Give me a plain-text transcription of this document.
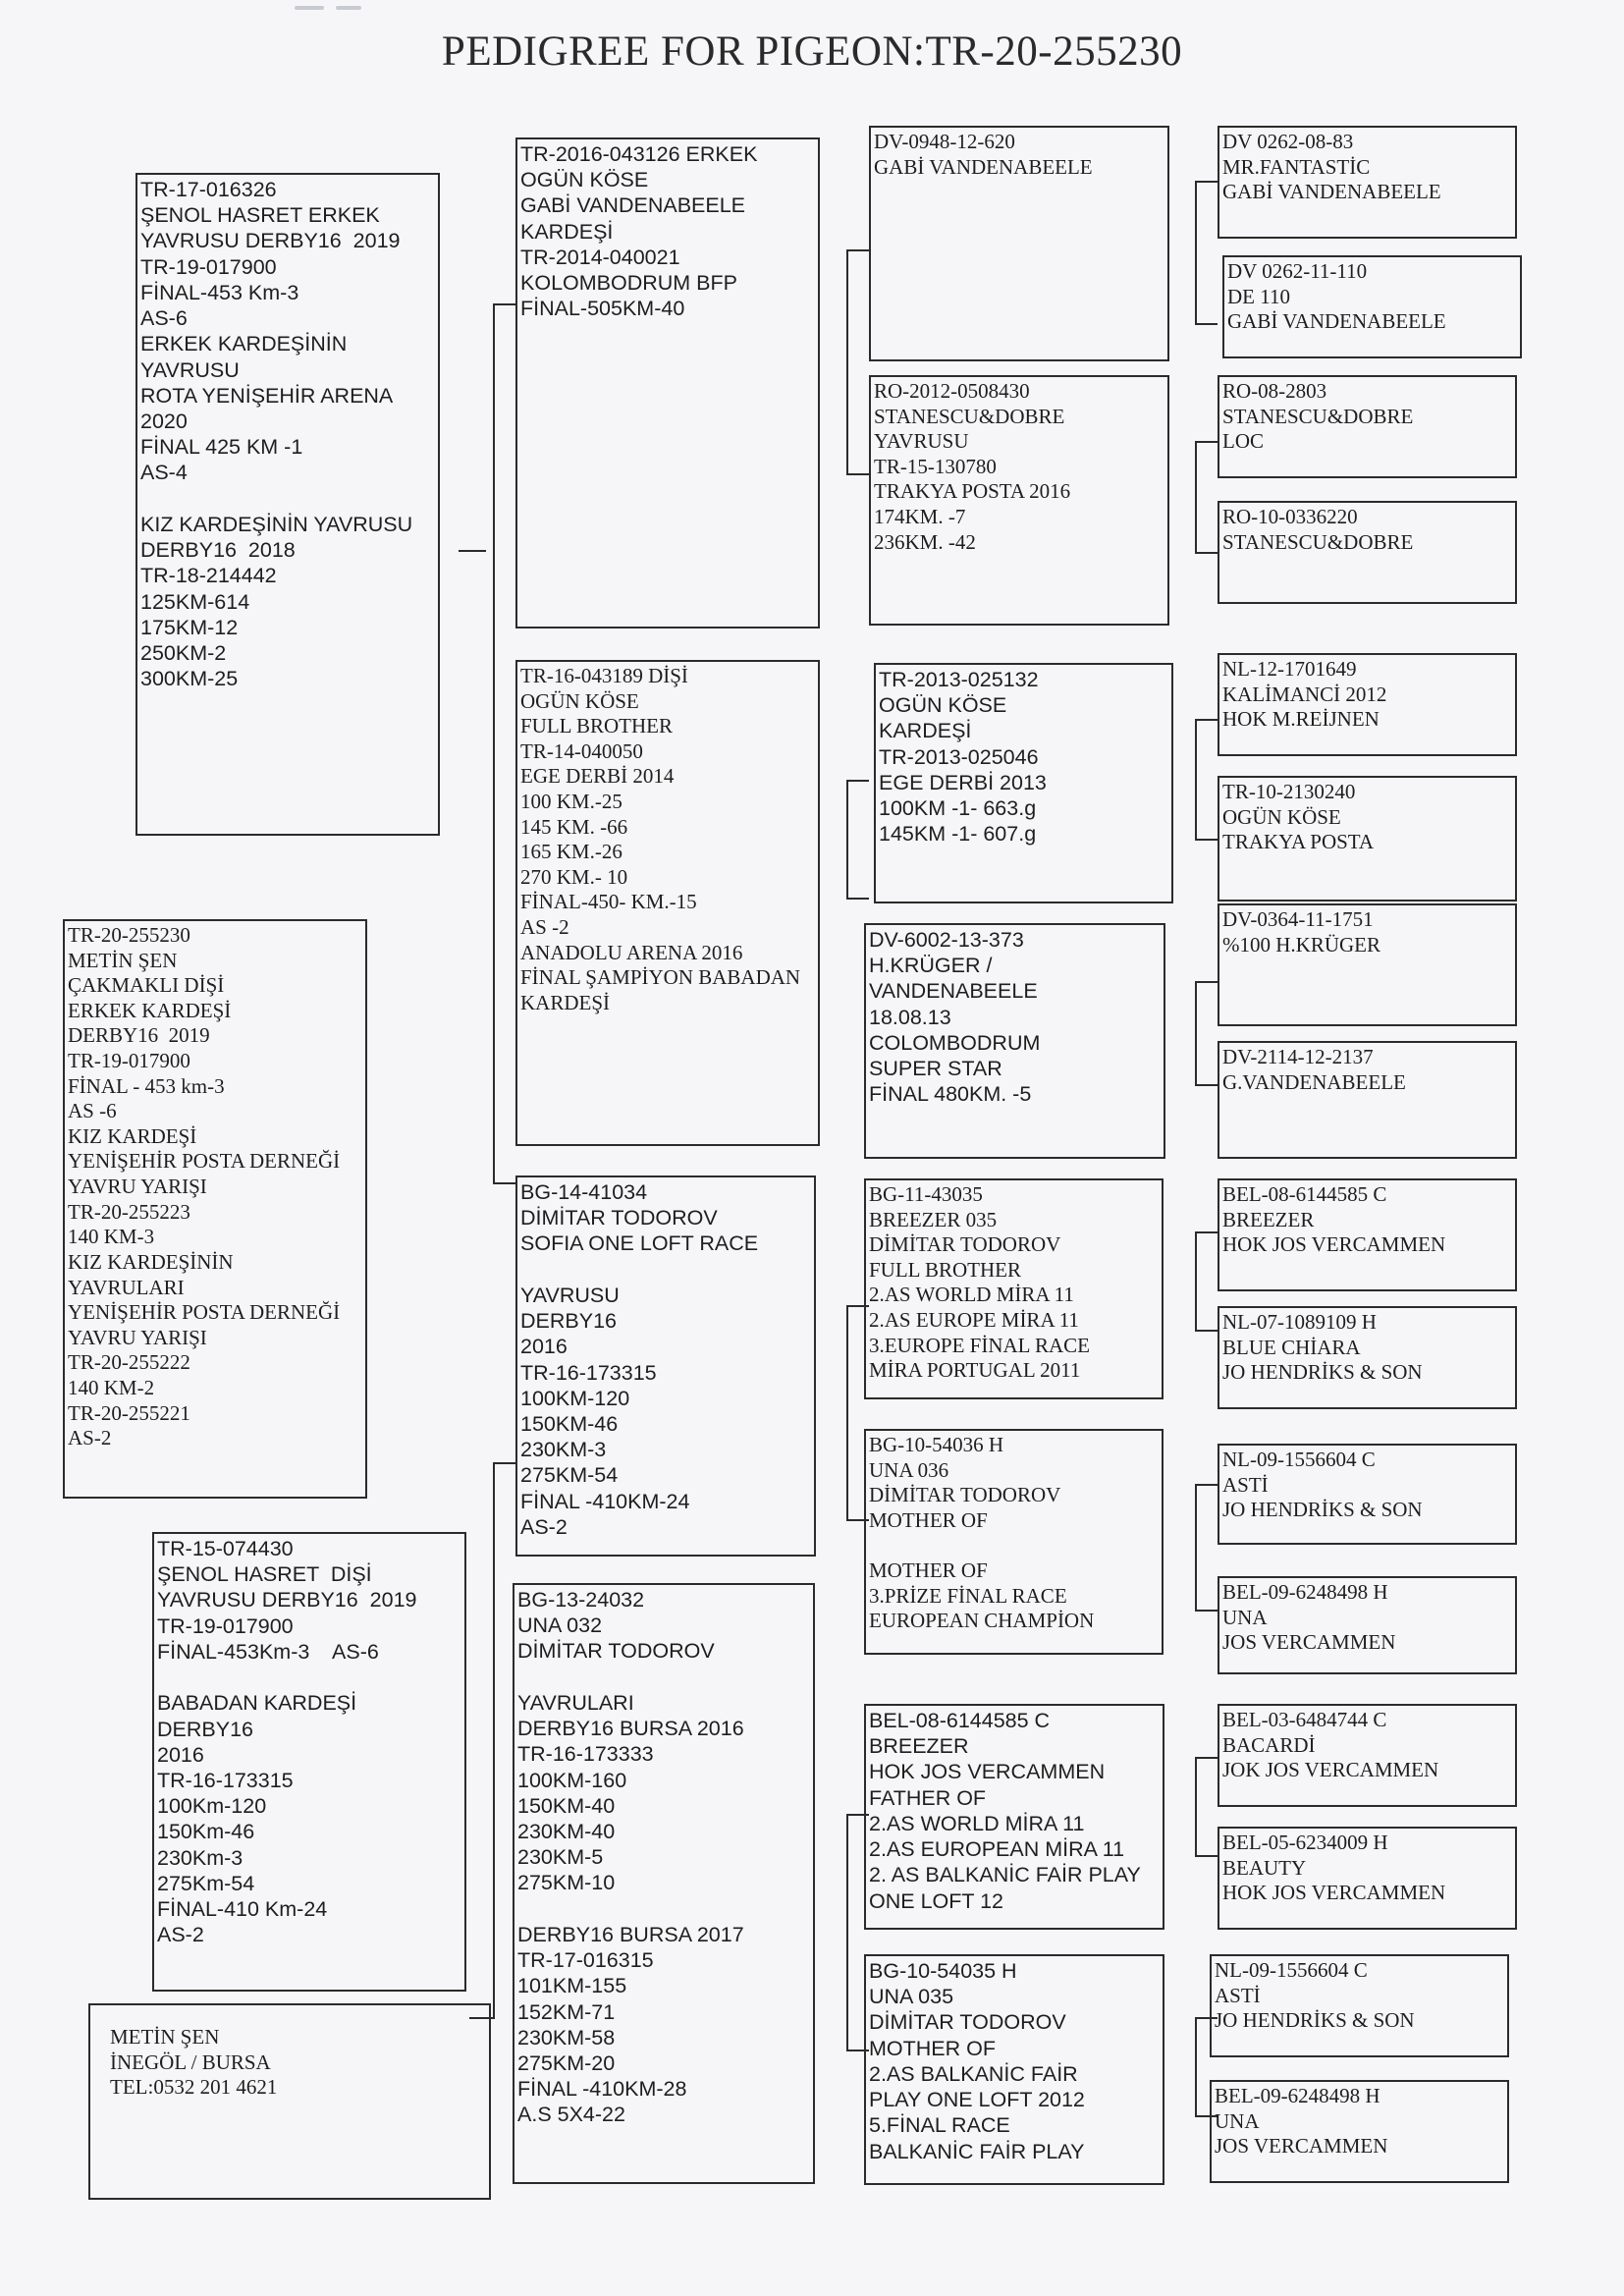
PEDIGREE FOR PIGEON:TR-20-255230
TR-17-016326
ŞENOL HASRET ERKEK
YAVRUSU DERBY16  2019
TR-19-017900
FİNAL-453 Km-3
AS-6
ERKEK KARDEŞİNİN
YAVRUSU
ROTA YENİŞEHİR ARENA
2020
FİNAL 425 KM -1
AS-4
KIZ KARDEŞİNİN YAVRUSU
DERBY16  2018
TR-18-214442
125KM-614
175KM-12
250KM-2
300KM-25
TR-20-255230
METİN ŞEN
ÇAKMAKLI DİŞİ
ERKEK KARDEŞİ
DERBY16  2019
TR-19-017900
FİNAL - 453 km-3
AS -6
KIZ KARDEŞİ
YENİŞEHİR POSTA DERNEĞİ
YAVRU YARIŞI
TR-20-255223
140 KM-3
KIZ KARDEŞİNİN
YAVRULARI
YENİŞEHİR POSTA DERNEĞİ
YAVRU YARIŞI
TR-20-255222
140 KM-2
TR-20-255221
AS-2
TR-15-074430
ŞENOL HASRET  DİŞİ
YAVRUSU DERBY16  2019
TR-19-017900
FİNAL-453Km-3    AS-6
BABADAN KARDEŞİ
DERBY16
2016
TR-16-173315
100Km-120
150Km-46
230Km-3
275Km-54
FİNAL-410 Km-24
AS-2
METİN ŞEN
İNEGÖL / BURSA
TEL:0532 201 4621
TR-2016-043126 ERKEK
OGÜN KÖSE
GABİ VANDENABEELE
KARDEŞİ
TR-2014-040021
KOLOMBODRUM BFP
FİNAL-505KM-40
TR-16-043189 DİŞİ
OGÜN KÖSE
FULL BROTHER
TR-14-040050
EGE DERBİ 2014
100 KM.-25
145 KM. -66
165 KM.-26
270 KM.- 10
FİNAL-450- KM.-15
AS -2
ANADOLU ARENA 2016
FİNAL ŞAMPİYON BABADAN
KARDEŞİ
BG-14-41034
DİMİTAR TODOROV
SOFIA ONE LOFT RACE
YAVRUSU
DERBY16
2016
TR-16-173315
100KM-120
150KM-46
230KM-3
275KM-54
FİNAL -410KM-24
AS-2
BG-13-24032
UNA 032
DİMİTAR TODOROV
YAVRULARI
DERBY16 BURSA 2016
TR-16-173333
100KM-160
150KM-40
230KM-40
230KM-5
275KM-10
DERBY16 BURSA 2017
TR-17-016315
101KM-155
152KM-71
230KM-58
275KM-20
FİNAL -410KM-28
A.S 5X4-22
DV-0948-12-620
GABİ VANDENABEELE
RO-2012-0508430
STANESCU&DOBRE
YAVRUSU
TR-15-130780
TRAKYA POSTA 2016
174KM. -7
236KM. -42
TR-2013-025132
OGÜN KÖSE
KARDEŞİ
TR-2013-025046
EGE DERBİ 2013
100KM -1- 663.g
145KM -1- 607.g
DV-6002-13-373
H.KRÜGER /
VANDENABEELE
18.08.13
COLOMBODRUM
SUPER STAR
FİNAL 480KM. -5
BG-11-43035
BREEZER 035
DİMİTAR TODOROV
FULL BROTHER
2.AS WORLD MİRA 11
2.AS EUROPE MİRA 11
3.EUROPE FİNAL RACE
MİRA PORTUGAL 2011
BG-10-54036 H
UNA 036
DİMİTAR TODOROV
MOTHER OF
MOTHER OF
3.PRİZE FİNAL RACE
EUROPEAN CHAMPİON
BEL-08-6144585 C
BREEZER
HOK JOS VERCAMMEN
FATHER OF
2.AS WORLD MİRA 11
2.AS EUROPEAN MİRA 11
2. AS BALKANİC FAİR PLAY
ONE LOFT 12
BG-10-54035 H
UNA 035
DİMİTAR TODOROV
MOTHER OF
2.AS BALKANİC FAİR
PLAY ONE LOFT 2012
5.FİNAL RACE
BALKANİC FAİR PLAY
DV 0262-08-83
MR.FANTASTİC
GABİ VANDENABEELE
DV 0262-11-110
DE 110
GABİ VANDENABEELE
RO-08-2803
STANESCU&DOBRE
LOC
RO-10-0336220
STANESCU&DOBRE
NL-12-1701649
KALİMANCİ 2012
HOK M.REİJNEN
TR-10-2130240
OGÜN KÖSE
TRAKYA POSTA
DV-0364-11-1751
%100 H.KRÜGER
DV-2114-12-2137
G.VANDENABEELE
BEL-08-6144585 C
BREEZER
HOK JOS VERCAMMEN
NL-07-1089109 H
BLUE CHİARA
JO HENDRİKS & SON
NL-09-1556604 C
ASTİ
JO HENDRİKS & SON
BEL-09-6248498 H
UNA
JOS VERCAMMEN
BEL-03-6484744 C
BACARDİ
JOK JOS VERCAMMEN
BEL-05-6234009 H
BEAUTY
HOK JOS VERCAMMEN
NL-09-1556604 C
ASTİ
JO HENDRİKS & SON
BEL-09-6248498 H
UNA
JOS VERCAMMEN
